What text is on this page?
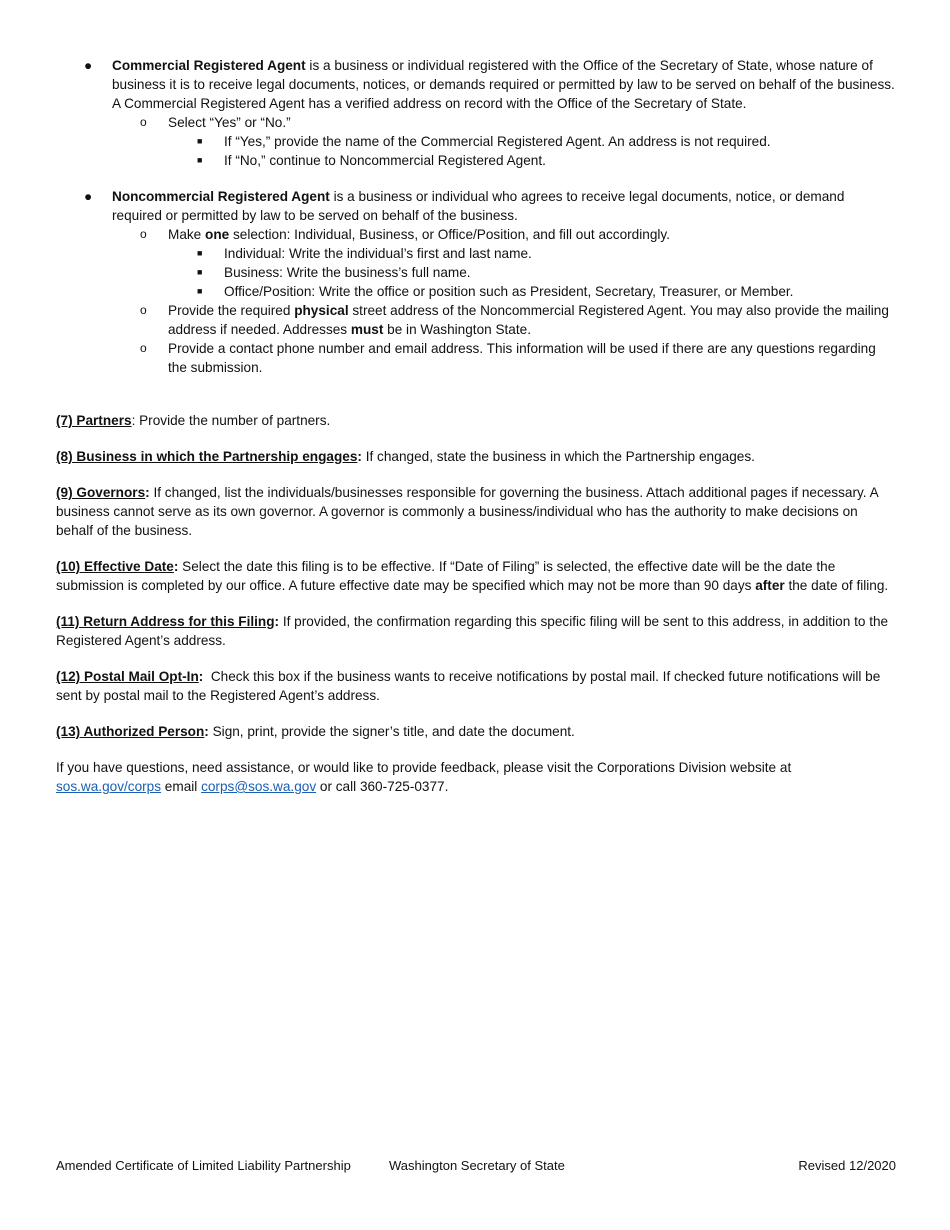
● Commercial Registered Agent is a business or individual registered with the Office of the Secretary of State, whose nature of business it is to receive legal documents, notices, or demands required or permitted by law to be served on behalf of the business. A Commercial Registered Agent has a verified address on record with the Office of the Secretary of State.
o Select “Yes” or “No.”
■ If “Yes,” provide the name of the Commercial Registered Agent. An address is not required.
■ If “No,” continue to Noncommercial Registered Agent.
● Noncommercial Registered Agent is a business or individual who agrees to receive legal documents, notice, or demand required or permitted by law to be served on behalf of the business.
o Make one selection: Individual, Business, or Office/Position, and fill out accordingly.
■ Individual: Write the individual’s first and last name.
■ Business: Write the business’s full name.
■ Office/Position: Write the office or position such as President, Secretary, Treasurer, or Member.
o Provide the required physical street address of the Noncommercial Registered Agent. You may also provide the mailing address if needed. Addresses must be in Washington State.
o Provide a contact phone number and email address. This information will be used if there are any questions regarding the submission.
(7) Partners: Provide the number of partners.
(8) Business in which the Partnership engages: If changed, state the business in which the Partnership engages.
(9) Governors: If changed, list the individuals/businesses responsible for governing the business. Attach additional pages if necessary. A business cannot serve as its own governor. A governor is commonly a business/individual who has the authority to make decisions on behalf of the business.
(10) Effective Date: Select the date this filing is to be effective. If “Date of Filing” is selected, the effective date will be the date the submission is completed by our office. A future effective date may be specified which may not be more than 90 days after the date of filing.
(11) Return Address for this Filing: If provided, the confirmation regarding this specific filing will be sent to this address, in addition to the Registered Agent’s address.
(12) Postal Mail Opt-In:  Check this box if the business wants to receive notifications by postal mail. If checked future notifications will be sent by postal mail to the Registered Agent’s address.
(13) Authorized Person: Sign, print, provide the signer’s title, and date the document.
If you have questions, need assistance, or would like to provide feedback, please visit the Corporations Division website at sos.wa.gov/corps email corps@sos.wa.gov or call 360-725-0377.
Amended Certificate of Limited Liability Partnership	Washington Secretary of State	Revised 12/2020
